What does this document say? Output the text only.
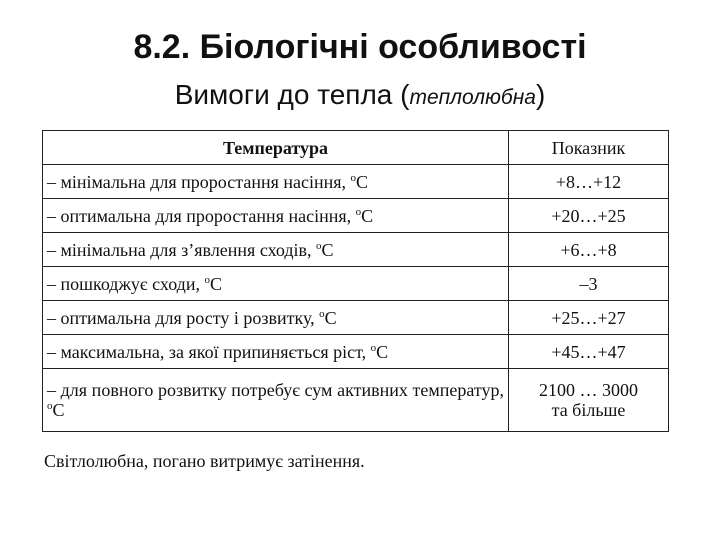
8.2. Біологічні особливості
Вимоги до тепла (теплолюбна)
Температура	Показник
– мінімальна для проростання насіння, $^о$С	+8…+12
– оптимальна для проростання насіння, $^о$С	+20…+25
– мінімальна для з’явлення сходів, $^о$С	+6…+8
– пошкоджує сходи, $^о$С	–3
– оптимальна для росту і розвитку, $^о$С	+25…+27
– максимальна, за якої припиняється ріст, $^о$С	+45…+47
– для повного розвитку потребує сум активних температур, $^о$С	2100 … 3000
та більше
Світлолюбна, погано витримує затінення.
